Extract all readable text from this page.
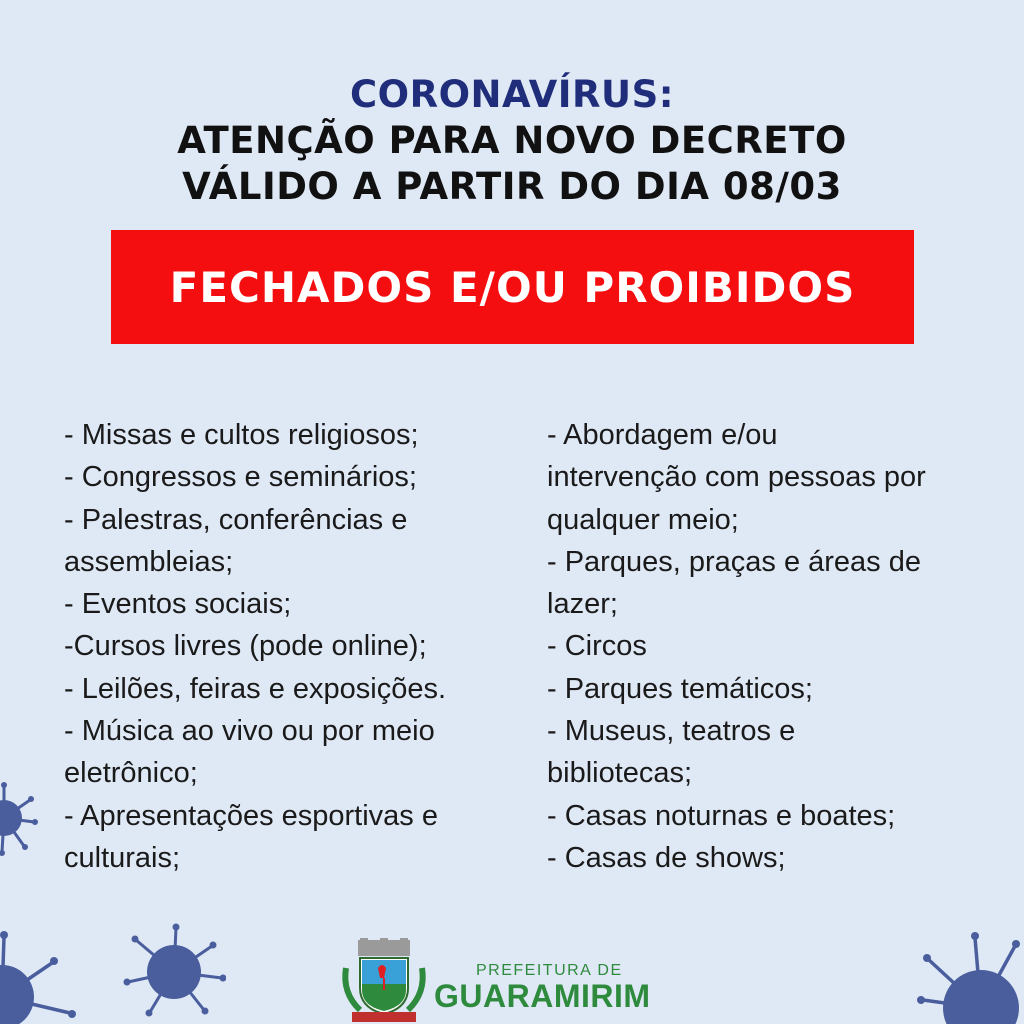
CORONAVÍRUS:
ATENÇÃO PARA NOVO DECRETO
VÁLIDO A PARTIR DO DIA 08/03
FECHADOS E/OU PROIBIDOS
- Missas e cultos religiosos;
- Congressos e seminários;
- Palestras, conferências e
assembleias;
- Eventos sociais;
-Cursos livres (pode online);
- Leilões, feiras e exposições.
- Música ao vivo ou por meio
eletrônico;
- Apresentações esportivas e
culturais;
- Abordagem e/ou
intervenção com pessoas por
qualquer meio;
- Parques, praças e áreas de
lazer;
- Circos
- Parques temáticos;
- Museus, teatros e
bibliotecas;
- Casas noturnas e boates;
- Casas de shows;
PREFEITURA DE
GUARAMIRIM
